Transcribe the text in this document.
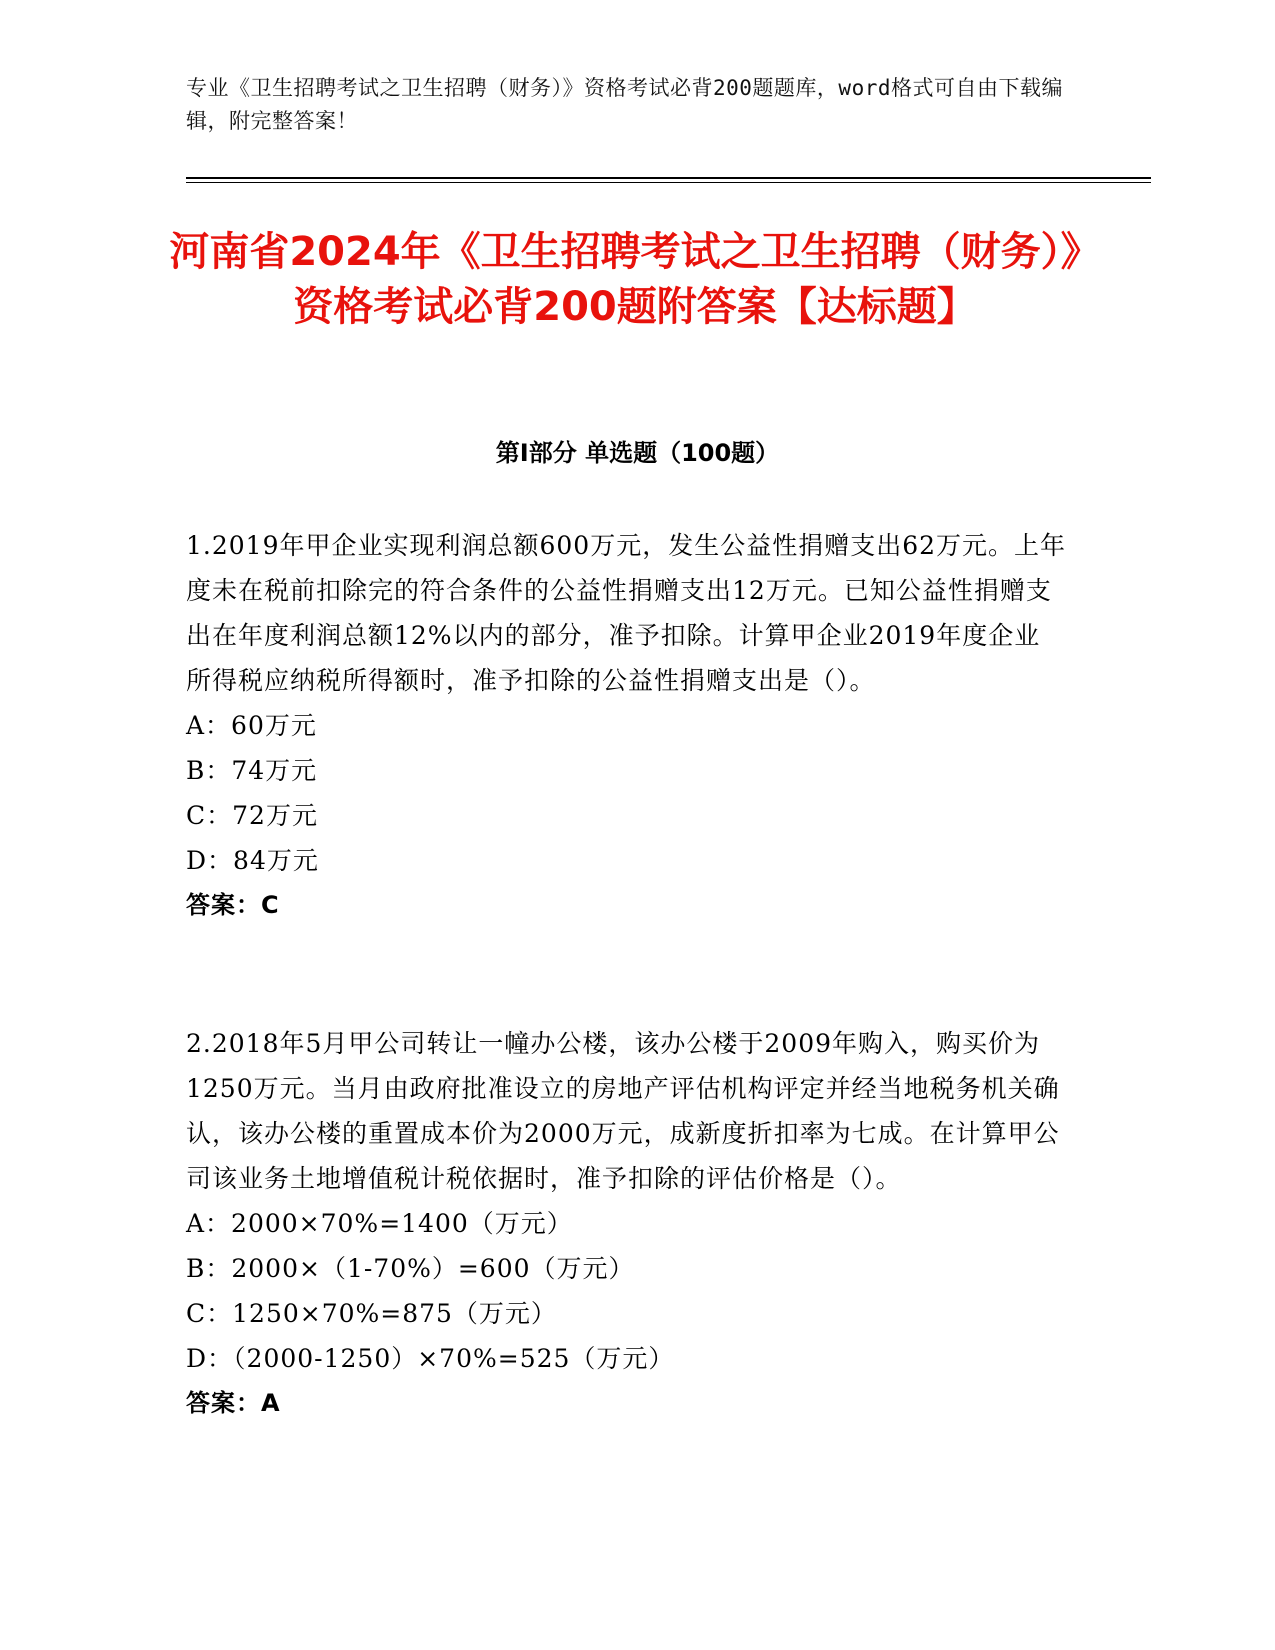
专业《卫生招聘考试之卫生招聘（财务）》资格考试必背200题题库，word格式可自由下载编辑，附完整答案！
河南省2024年《卫生招聘考试之卫生招聘（财务）》资格考试必背200题附答案【达标题】
第I部分 单选题（100题）

1.2019年甲企业实现利润总额600万元，发生公益性捐赠支出62万元。上年度未在税前扣除完的符合条件的公益性捐赠支出12万元。已知公益性捐赠支出在年度利润总额12%以内的部分，准予扣除。计算甲企业2019年度企业所得税应纳税所得额时，准予扣除的公益性捐赠支出是（）。

A：60万元

B：74万元

C：72万元

D：84万元

答案：C

2.2018年5月甲公司转让一幢办公楼，该办公楼于2009年购入，购买价为1250万元。当月由政府批准设立的房地产评估机构评定并经当地税务机关确认，该办公楼的重置成本价为2000万元，成新度折扣率为七成。在计算甲公司该业务土地增值税计税依据时，准予扣除的评估价格是（）。

A：2000×70%=1400（万元）

B：2000×（1-70%）=600（万元）

C：1250×70%=875（万元）

D：（2000-1250）×70%=525（万元）

答案：A
